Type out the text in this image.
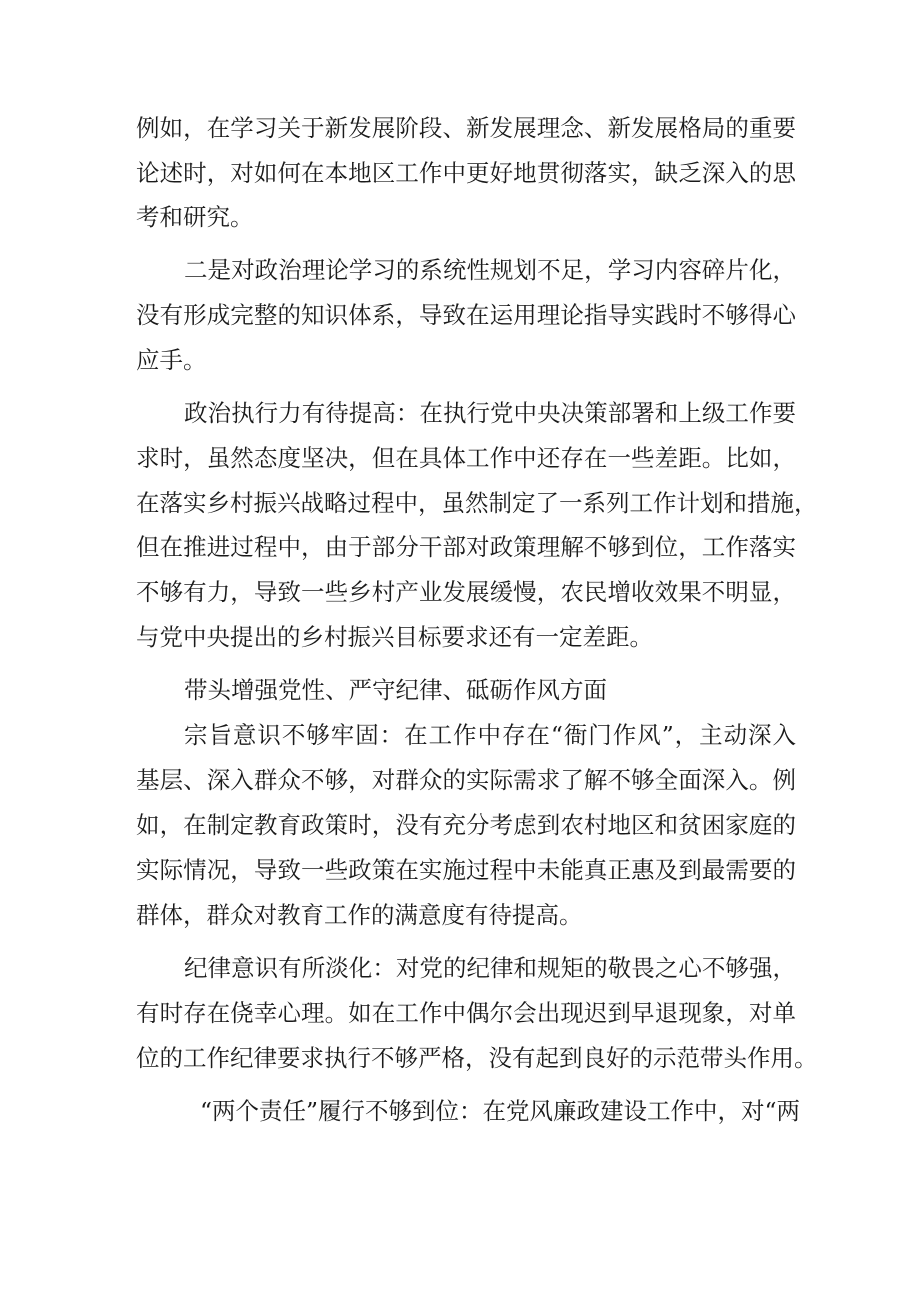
例如，在学习关于新发展阶段、新发展理念、新发展格局的重要

论述时，对如何在本地区工作中更好地贯彻落实，缺乏深入的思

考和研究。

二是对政治理论学习的系统性规划不足，学习内容碎片化，

没有形成完整的知识体系，导致在运用理论指导实践时不够得心

应手。

政治执行力有待提高：在执行党中央决策部署和上级工作要

求时，虽然态度坚决，但在具体工作中还存在一些差距。比如，

在落实乡村振兴战略过程中，虽然制定了一系列工作计划和措施，

但在推进过程中，由于部分干部对政策理解不够到位，工作落实

不够有力，导致一些乡村产业发展缓慢，农民增收效果不明显，

与党中央提出的乡村振兴目标要求还有一定差距。

带头增强党性、严守纪律、砥砺作风方面

宗旨意识不够牢固：在工作中存在“衙门作风”，主动深入

基层、深入群众不够，对群众的实际需求了解不够全面深入。例

如，在制定教育政策时，没有充分考虑到农村地区和贫困家庭的

实际情况，导致一些政策在实施过程中未能真正惠及到最需要的

群体，群众对教育工作的满意度有待提高。

纪律意识有所淡化：对党的纪律和规矩的敬畏之心不够强，

有时存在侥幸心理。如在工作中偶尔会出现迟到早退现象，对单

位的工作纪律要求执行不够严格，没有起到良好的示范带头作用。

“两个责任”履行不够到位：在党风廉政建设工作中，对“两
